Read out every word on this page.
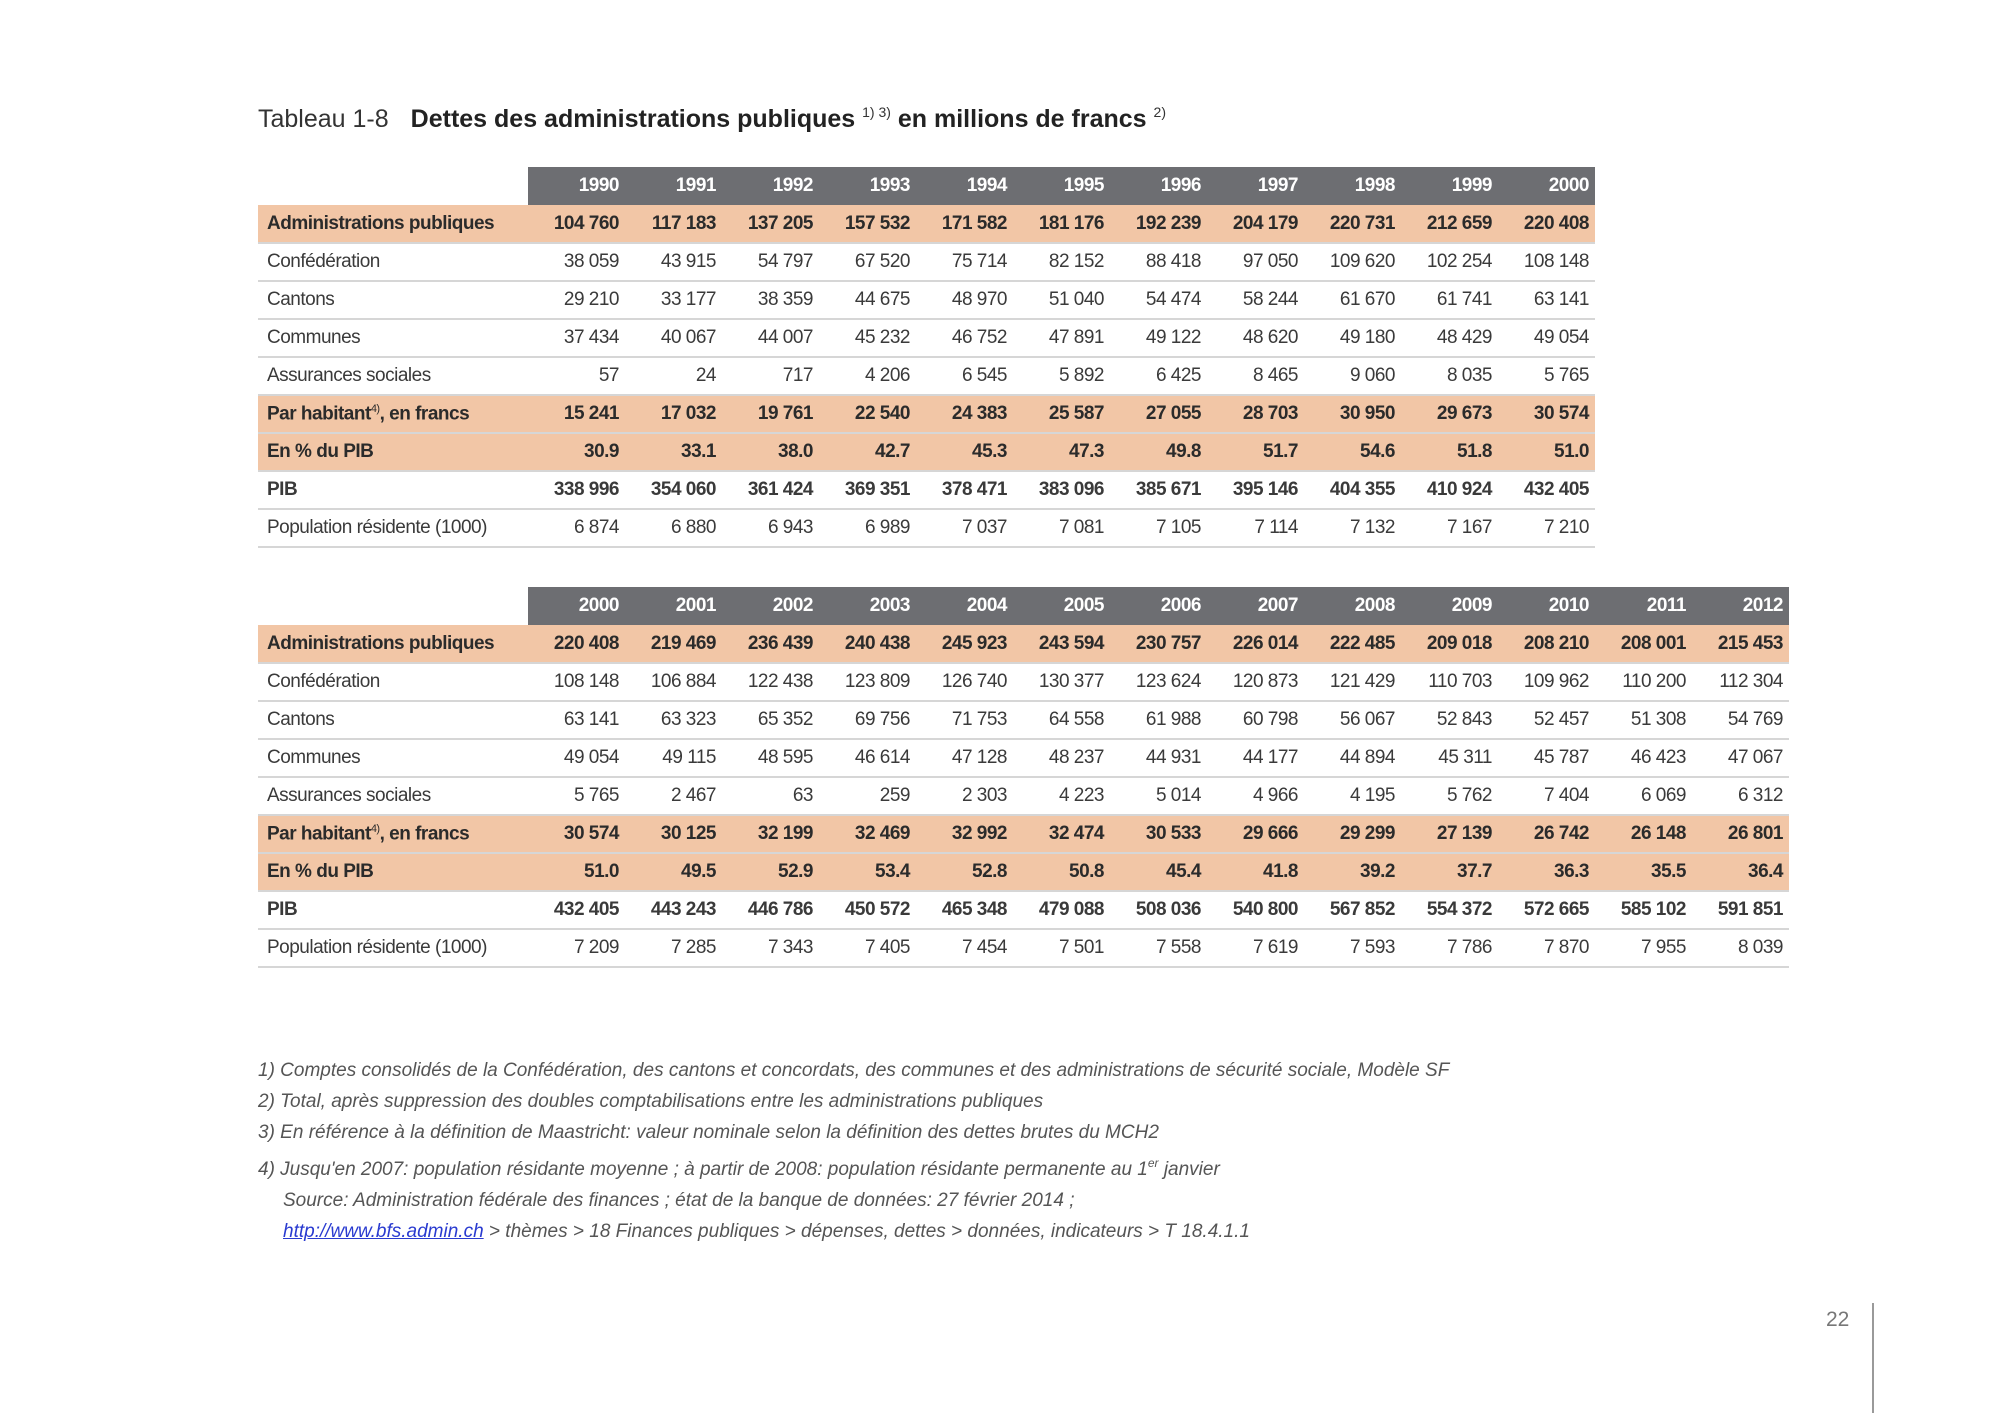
Tableau 1-8 Dettes des administrations publiques $^{1) 3)}$ en millions de francs $^{2)}$
	1990	1991	1992	1993	1994	1995	1996	1997	1998	1999	2000
Administrations publiques	104 760	117 183	137 205	157 532	171 582	181 176	192 239	204 179	220 731	212 659	220 408
Confédération	38 059	43 915	54 797	67 520	75 714	82 152	88 418	97 050	109 620	102 254	108 148
Cantons	29 210	33 177	38 359	44 675	48 970	51 040	54 474	58 244	61 670	61 741	63 141
Communes	37 434	40 067	44 007	45 232	46 752	47 891	49 122	48 620	49 180	48 429	49 054
Assurances sociales	57	24	717	4 206	6 545	5 892	6 425	8 465	9 060	8 035	5 765
Par habitant$^{4)}$, en francs	15 241	17 032	19 761	22 540	24 383	25 587	27 055	28 703	30 950	29 673	30 574
En % du PIB	30.9	33.1	38.0	42.7	45.3	47.3	49.8	51.7	54.6	51.8	51.0
PIB	338 996	354 060	361 424	369 351	378 471	383 096	385 671	395 146	404 355	410 924	432 405
Population résidente (1000)	6 874	6 880	6 943	6 989	7 037	7 081	7 105	7 114	7 132	7 167	7 210
	2000	2001	2002	2003	2004	2005	2006	2007	2008	2009	2010	2011	2012
Administrations publiques	220 408	219 469	236 439	240 438	245 923	243 594	230 757	226 014	222 485	209 018	208 210	208 001	215 453
Confédération	108 148	106 884	122 438	123 809	126 740	130 377	123 624	120 873	121 429	110 703	109 962	110 200	112 304
Cantons	63 141	63 323	65 352	69 756	71 753	64 558	61 988	60 798	56 067	52 843	52 457	51 308	54 769
Communes	49 054	49 115	48 595	46 614	47 128	48 237	44 931	44 177	44 894	45 311	45 787	46 423	47 067
Assurances sociales	5 765	2 467	63	259	2 303	4 223	5 014	4 966	4 195	5 762	7 404	6 069	6 312
Par habitant$^{4)}$, en francs	30 574	30 125	32 199	32 469	32 992	32 474	30 533	29 666	29 299	27 139	26 742	26 148	26 801
En % du PIB	51.0	49.5	52.9	53.4	52.8	50.8	45.4	41.8	39.2	37.7	36.3	35.5	36.4
PIB	432 405	443 243	446 786	450 572	465 348	479 088	508 036	540 800	567 852	554 372	572 665	585 102	591 851
Population résidente (1000)	7 209	7 285	7 343	7 405	7 454	7 501	7 558	7 619	7 593	7 786	7 870	7 955	8 039
1) Comptes consolidés de la Confédération, des cantons et concordats, des communes et des administrations de sécurité sociale, Modèle SF
2) Total, après suppression des doubles comptabilisations entre les administrations publiques
3) En référence à la définition de Maastricht: valeur nominale selon la définition des dettes brutes du MCH2
4) Jusqu'en 2007: population résidante moyenne ; à partir de 2008: population résidante permanente au 1er janvier
Source: Administration fédérale des finances ; état de la banque de données: 27 février 2014 ;
http://www.bfs.admin.ch > thèmes > 18 Finances publiques > dépenses, dettes > données, indicateurs > T 18.4.1.1
22
